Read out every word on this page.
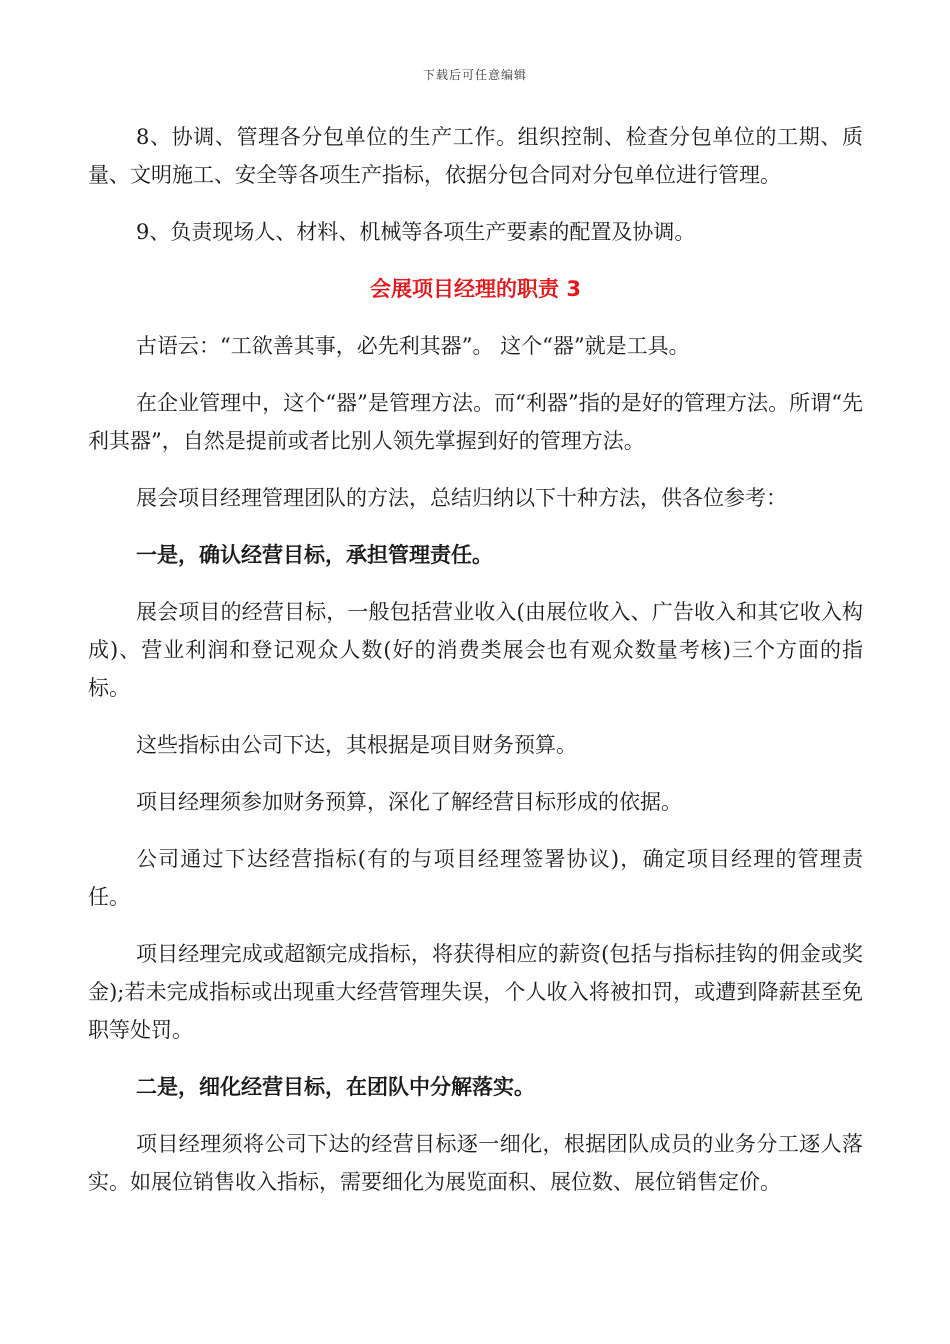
下载后可任意编辑

8、协调、管理各分包单位的生产工作。组织控制、检查分包单位的工期、质量、文明施工、安全等各项生产指标，依据分包合同对分包单位进行管理。

9、负责现场人、材料、机械等各项生产要素的配置及协调。

会展项目经理的职责 3

古语云：“工欲善其事，必先利其器”。 这个“器”就是工具。

在企业管理中，这个“器”是管理方法。而“利器”指的是好的管理方法。所谓“先利其器”，自然是提前或者比别人领先掌握到好的管理方法。

展会项目经理管理团队的方法，总结归纳以下十种方法，供各位参考：

一是，确认经营目标，承担管理责任。

展会项目的经营目标，一般包括营业收入(由展位收入、广告收入和其它收入构成)、营业利润和登记观众人数(好的消费类展会也有观众数量考核)三个方面的指标。

这些指标由公司下达，其根据是项目财务预算。

项目经理须参加财务预算，深化了解经营目标形成的依据。

公司通过下达经营指标(有的与项目经理签署协议)，确定项目经理的管理责任。

项目经理完成或超额完成指标，将获得相应的薪资(包括与指标挂钩的佣金或奖金);若未完成指标或出现重大经营管理失误，个人收入将被扣罚，或遭到降薪甚至免职等处罚。

二是，细化经营目标，在团队中分解落实。

项目经理须将公司下达的经营目标逐一细化，根据团队成员的业务分工逐人落实。如展位销售收入指标，需要细化为展览面积、展位数、展位销售定价。
